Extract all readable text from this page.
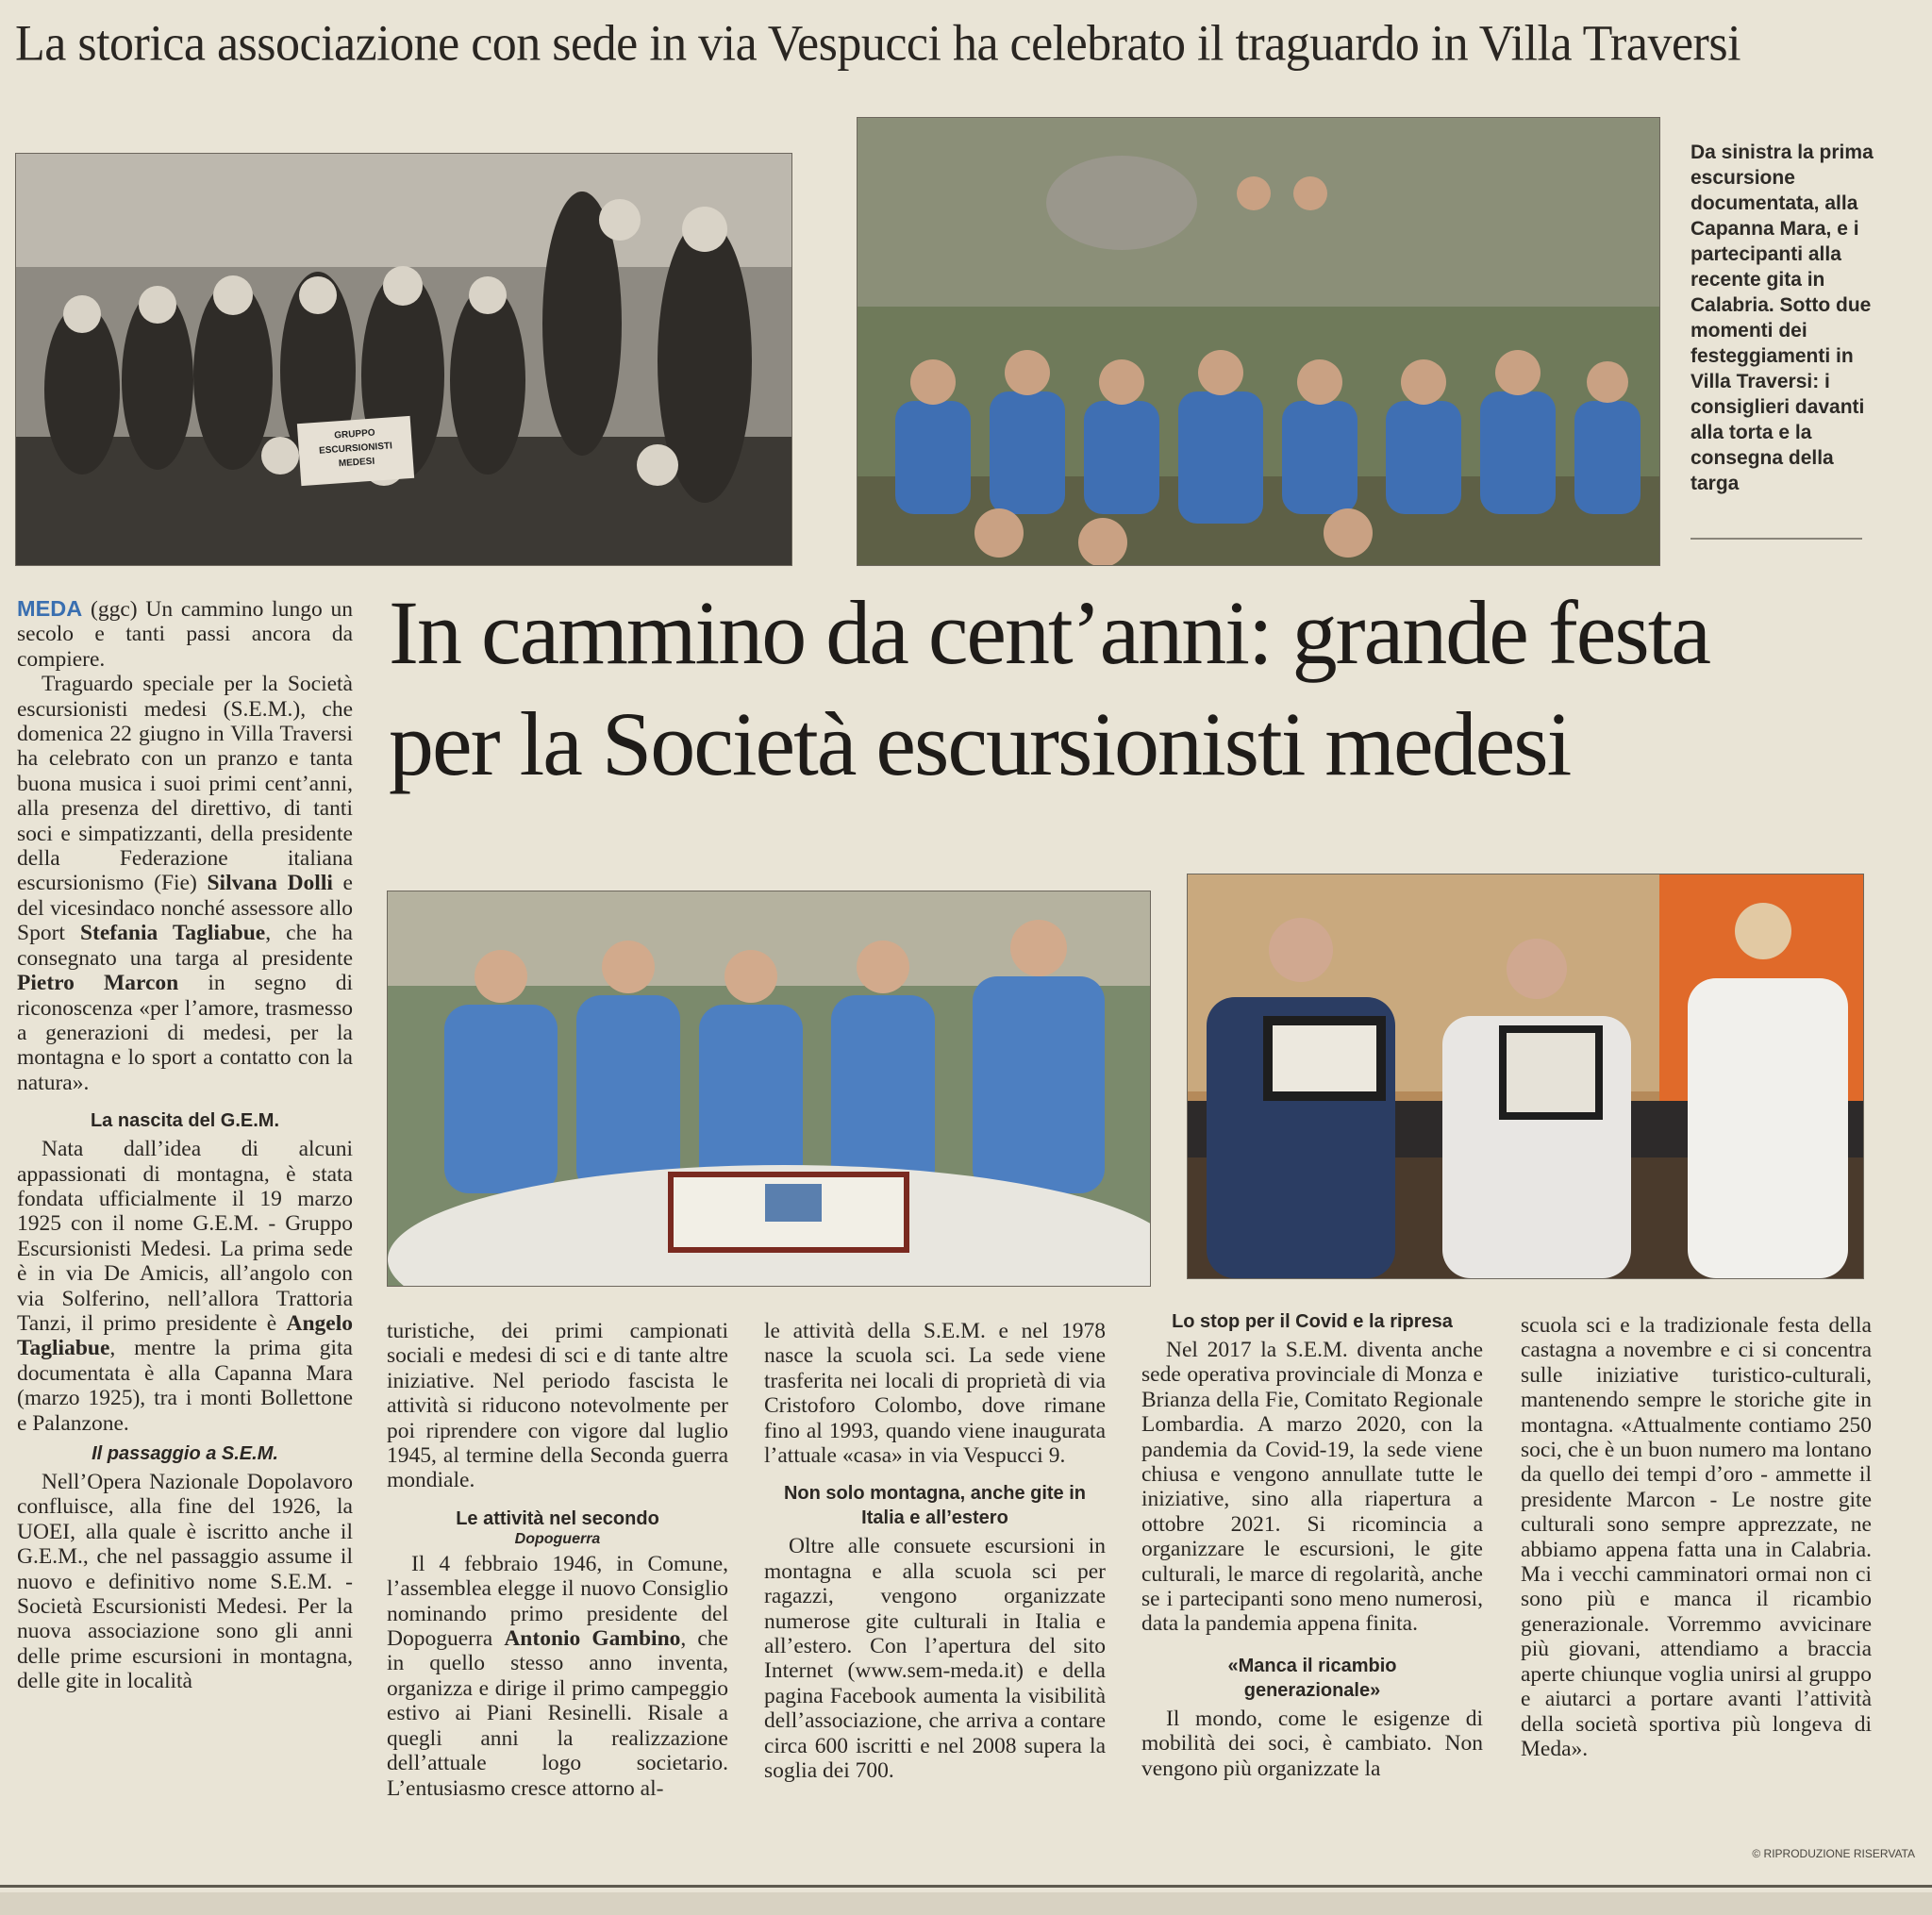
La storica associazione con sede in via Vespucci ha celebrato il traguardo in Villa Traversi
GRUPPO
ESCURSIONISTI
MEDESI
Da sinistra la prima escursione documentata, alla Capanna Mara, e i partecipanti alla recente gita in Calabria. Sotto due momenti dei festeggiamenti in Villa Traversi: i consiglieri davanti alla torta e la consegna della targa
In cammino da cent’anni: grande festa
per la Società escursionisti medesi

MEDA (ggc) Un cammino lungo un secolo e tanti passi ancora da compiere.

Traguardo speciale per la Società escursionisti medesi (S.E.M.), che domenica 22 giugno in Villa Traversi ha celebrato con un pranzo e tanta buona musica i suoi primi cent’anni, alla presenza del direttivo, di tanti soci e simpatizzanti, della presidente della Federazione italiana escursionismo (Fie) Silvana Dolli e del vicesindaco nonché assessore allo Sport Stefania Tagliabue, che ha consegnato una targa al presidente Pietro Marcon in segno di riconoscenza «per l’amore, trasmesso a generazioni di medesi, per la montagna e lo sport a contatto con la natura».

La nascita del G.E.M.

Nata dall’idea di alcuni appassionati di montagna, è stata fondata ufficialmente il 19 marzo 1925 con il nome G.E.M. - Gruppo Escursionisti Medesi. La prima sede è in via De Amicis, all’angolo con via Solferino, nell’allora Trattoria Tanzi, il primo presidente è Angelo Tagliabue, mentre la prima gita documentata è alla Capanna Mara (marzo 1925), tra i monti Bollettone e Palanzone.

Il passaggio a S.E.M.

Nell’Opera Nazionale Dopolavoro confluisce, alla fine del 1926, la UOEI, alla quale è iscritto anche il G.E.M., che nel passaggio assume il nuovo e definitivo nome S.E.M. - Società Escursionisti Medesi. Per la nuova associazione sono gli anni delle prime escursioni in montagna, delle gite in località

turistiche, dei primi campionati sociali e medesi di sci e di tante altre iniziative. Nel periodo fascista le attività si riducono notevolmente per poi riprendere con vigore dal luglio 1945, al termine della Seconda guerra mondiale.

Le attività nel secondo
Dopoguerra

Il 4 febbraio 1946, in Comune, l’assemblea elegge il nuovo Consiglio nominando primo presidente del Dopoguerra Antonio Gambino, che in quello stesso anno inventa, organizza e dirige il primo campeggio estivo ai Piani Resinelli. Risale a quegli anni la realizzazione dell’attuale logo societario. L’entusiasmo cresce attorno al-

le attività della S.E.M. e nel 1978 nasce la scuola sci. La sede viene trasferita nei locali di proprietà di via Cristoforo Colombo, dove rimane fino al 1993, quando viene inaugurata l’attuale «casa» in via Vespucci 9.

Non solo montagna, anche gite in Italia e all’estero

Oltre alle consuete escursioni in montagna e alla scuola sci per ragazzi, vengono organizzate numerose gite culturali in Italia e all’estero. Con l’apertura del sito Internet (www.sem-meda.it) e della pagina Facebook aumenta la visibilità dell’associazione, che arriva a contare circa 600 iscritti e nel 2008 supera la soglia dei 700.

Lo stop per il Covid e la ripresa

Nel 2017 la S.E.M. diventa anche sede operativa provinciale di Monza e Brianza della Fie, Comitato Regionale Lombardia. A marzo 2020, con la pandemia da Covid-19, la sede viene chiusa e vengono annullate tutte le iniziative, sino alla riapertura a ottobre 2021. Si ricomincia a organizzare le escursioni, le gite culturali, le marce di regolarità, anche se i partecipanti sono meno numerosi, data la pandemia appena finita.

«Manca il ricambio generazionale»

Il mondo, come le esigenze di mobilità dei soci, è cambiato. Non vengono più organizzate la

scuola sci e la tradizionale festa della castagna a novembre e ci si concentra sulle iniziative turistico-culturali, mantenendo sempre le storiche gite in montagna. «Attualmente contiamo 250 soci, che è un buon numero ma lontano da quello dei tempi d’oro - ammette il presidente Marcon - Le nostre gite culturali sono sempre apprezzate, ne abbiamo appena fatta una in Calabria. Ma i vecchi camminatori ormai non ci sono più e manca il ricambio generazionale. Vorremmo avvicinare più giovani, attendiamo a braccia aperte chiunque voglia unirsi al gruppo e aiutarci a portare avanti l’attività della società sportiva più longeva di Meda».

© RIPRODUZIONE RISERVATA
